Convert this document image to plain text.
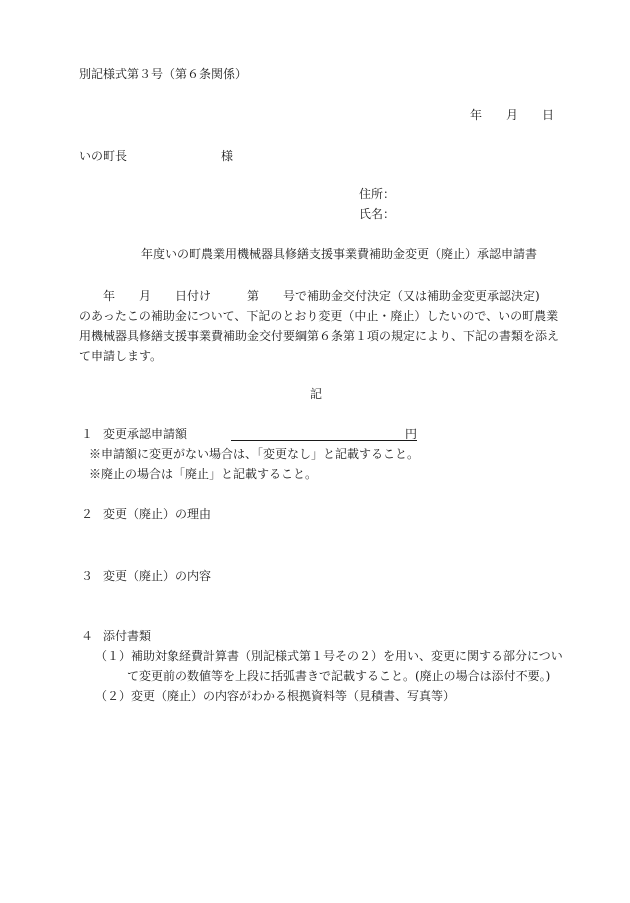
別記様式第３号（第６条関係）
年 月 日
いの町長	様
住所：
氏名：
年度いの町農業用機械器具修繕支援事業費補助金変更（廃止）承認申請書
　　年　　月　　日付け　　　第　　号で補助金交付決定（又は補助金変更承認決定)
のあったこの補助金について、下記のとおり変更（中止・廃止）したいので、いの町農業
用機械器具修繕支援事業費補助金交付要綱第６条第１項の規定により、下記の書類を添え
て申請します。
記
１ 変更承認申請額	円
※申請額に変更がない場合は、「変更なし」と記載すること。
※廃止の場合は「廃止」と記載すること。
２ 変更（廃止）の理由
３ 変更（廃止）の内容
４ 添付書類
（１）補助対象経費計算書（別記様式第１号その２）を用い、変更に関する部分につい
て変更前の数値等を上段に括弧書きで記載すること。(廃止の場合は添付不要。)
（２）変更（廃止）の内容がわかる根拠資料等（見積書、写真等）
